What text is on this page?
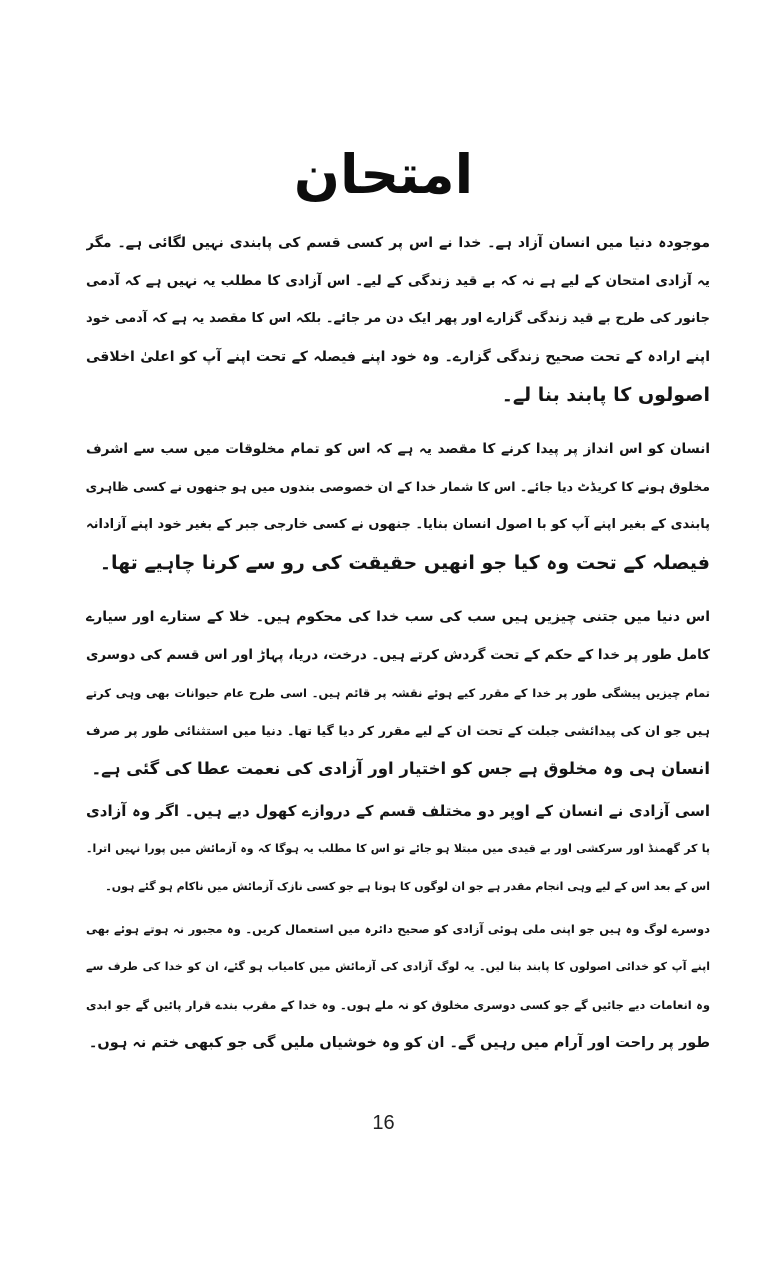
امتحان
موجودہ دنیا میں انسان آزاد ہے۔ خدا نے اس پر کسی قسم کی پابندی نہیں لگائی ہے۔ مگر
یہ آزادی امتحان کے لیے ہے نہ کہ بے قید زندگی کے لیے۔ اس آزادی کا مطلب یہ نہیں ہے کہ آدمی
جانور کی طرح بے قید زندگی گزارے اور پھر ایک دن مر جائے۔ بلکہ اس کا مقصد یہ ہے کہ آدمی خود
اپنے ارادہ کے تحت صحیح زندگی گزارے۔ وہ خود اپنے فیصلہ کے تحت اپنے آپ کو اعلیٰ اخلاقی
اصولوں کا پابند بنا لے۔
انسان کو اس انداز پر پیدا کرنے کا مقصد یہ ہے کہ اس کو تمام مخلوقات میں سب سے اشرف
مخلوق ہونے کا کریڈٹ دیا جائے۔ اس کا شمار خدا کے ان خصوصی بندوں میں ہو جنھوں نے کسی ظاہری
پابندی کے بغیر اپنے آپ کو با اصول انسان بنایا۔ جنھوں نے کسی خارجی جبر کے بغیر خود اپنے آزادانہ
فیصلہ کے تحت وہ کیا جو انھیں حقیقت کی رو سے کرنا چاہیے تھا۔
اس دنیا میں جتنی چیزیں ہیں سب کی سب خدا کی محکوم ہیں۔ خلا کے ستارے اور سیارے
کامل طور پر خدا کے حکم کے تحت گردش کرتے ہیں۔ درخت، دریا، پہاڑ اور اس قسم کی دوسری
تمام چیزیں پیشگی طور پر خدا کے مقرر کیے ہوئے نقشہ پر قائم ہیں۔ اسی طرح عام حیوانات بھی وہی کرتے
ہیں جو ان کی پیدائشی جبلت کے تحت ان کے لیے مقرر کر دیا گیا تھا۔ دنیا میں استثنائی طور پر صرف
انسان ہی وہ مخلوق ہے جس کو اختیار اور آزادی کی نعمت عطا کی گئی ہے۔
اسی آزادی نے انسان کے اوپر دو مختلف قسم کے دروازے کھول دیے ہیں۔ اگر وہ آزادی
پا کر گھمنڈ اور سرکشی اور بے قیدی میں مبتلا ہو جائے تو اس کا مطلب یہ ہوگا کہ وہ آزمائش میں پورا نہیں اترا۔
اس کے بعد اس کے لیے وہی انجام مقدر ہے جو ان لوگوں کا ہونا ہے جو کسی نازک آزمائش میں ناکام ہو گئے ہوں۔
دوسرے لوگ وہ ہیں جو اپنی ملی ہوئی آزادی کو صحیح دائرہ میں استعمال کریں۔ وہ مجبور نہ ہوتے ہوئے بھی
اپنے آپ کو خدائی اصولوں کا پابند بنا لیں۔ یہ لوگ آزادی کی آزمائش میں کامیاب ہو گئے، ان کو خدا کی طرف سے
وہ انعامات دیے جائیں گے جو کسی دوسری مخلوق کو نہ ملے ہوں۔ وہ خدا کے مقرب بندے قرار پائیں گے جو ابدی
طور پر راحت اور آرام میں رہیں گے۔ ان کو وہ خوشیاں ملیں گی جو کبھی ختم نہ ہوں۔
16
